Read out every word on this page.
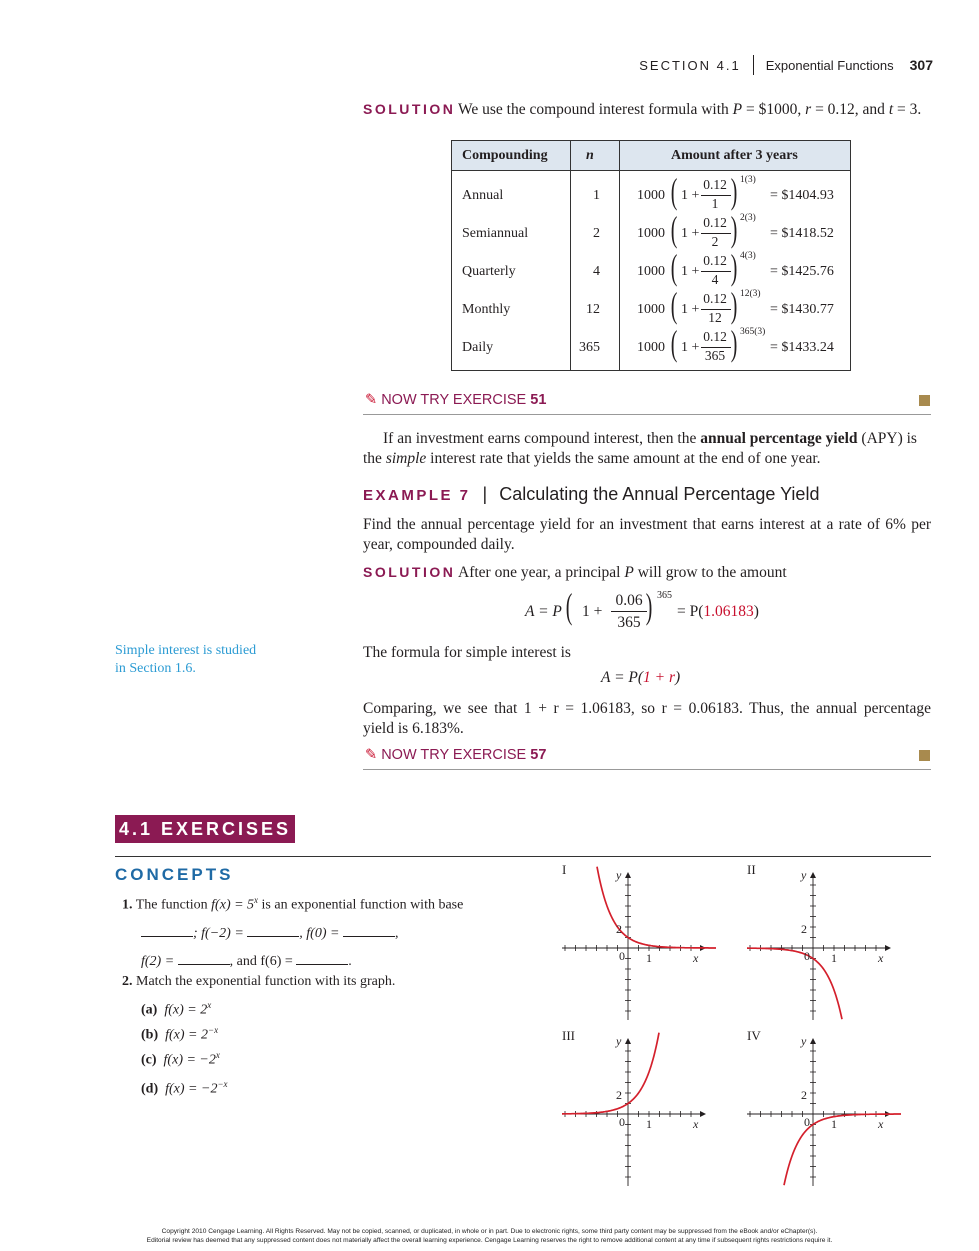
SECTION 4.1 Exponential Functions 307
SOLUTION We use the compound interest formula with P = $1000, r = 0.12, and t = 3.
Compounding	n	Amount after 3 years
Annual	1	1000 ( 1 +
0.12
1 ) 1(3)
= $1404.93
Semiannual	2	1000 ( 1 +
0.12
2 ) 2(3)
= $1418.52
Quarterly	4	1000 ( 1 +
0.12
4 ) 4(3)
= $1425.76
Monthly	12	1000 ( 1 +
0.12
12 ) 12(3)
= $1430.77
Daily	365	1000 ( 1 +
0.12
365 ) 365(3)
= $1433.24
✎ NOW TRY EXERCISE 51
If an investment earns compound interest, then the annual percentage yield (APY) is
the simple interest rate that yields the same amount at the end of one year.
EXAMPLE 7 | Calculating the Annual Percentage Yield
Find the annual percentage yield for an investment that earns interest at a rate of 6% per
year, compounded daily.
SOLUTION After one year, a principal P will grow to the amount
A = P ( 1 +
0.06
365 ) 365
= P(1.06183)
Simple interest is studied
in Section 1.6.
The formula for simple interest is
A = P(1 + r)
Comparing, we see that 1 + r = 1.06183, so r = 0.06183. Thus, the annual percentage
yield is 6.183%.
✎ NOW TRY EXERCISE 57
4.1 EXERCISES
CONCEPTS
1. The function $f(x) = 5^x$ is an exponential function with base
; f(−2) =	, f(0) =	,
f(2) =	, and f(6) =	.
2. Match the exponential function with its graph.
(a) $f(x) = 2^x$
(b) $f(x) = 2^{-x}$
(c) $f(x) = -2^x$
(d) $f(x) = -2^{-x}$
I	y
x
0 1
2
II	y
x
0 1
2
III	y
x
0 1
2
IV	y
x
0 1
2
Copyright 2010 Cengage Learning. All Rights Reserved. May not be copied, scanned, or duplicated, in whole or in part. Due to electronic rights, some third party content may be suppressed from the eBook and/or eChapter(s).
Editorial review has deemed that any suppressed content does not materially affect the overall learning experience. Cengage Learning reserves the right to remove additional content at any time if subsequent rights restrictions require it.
